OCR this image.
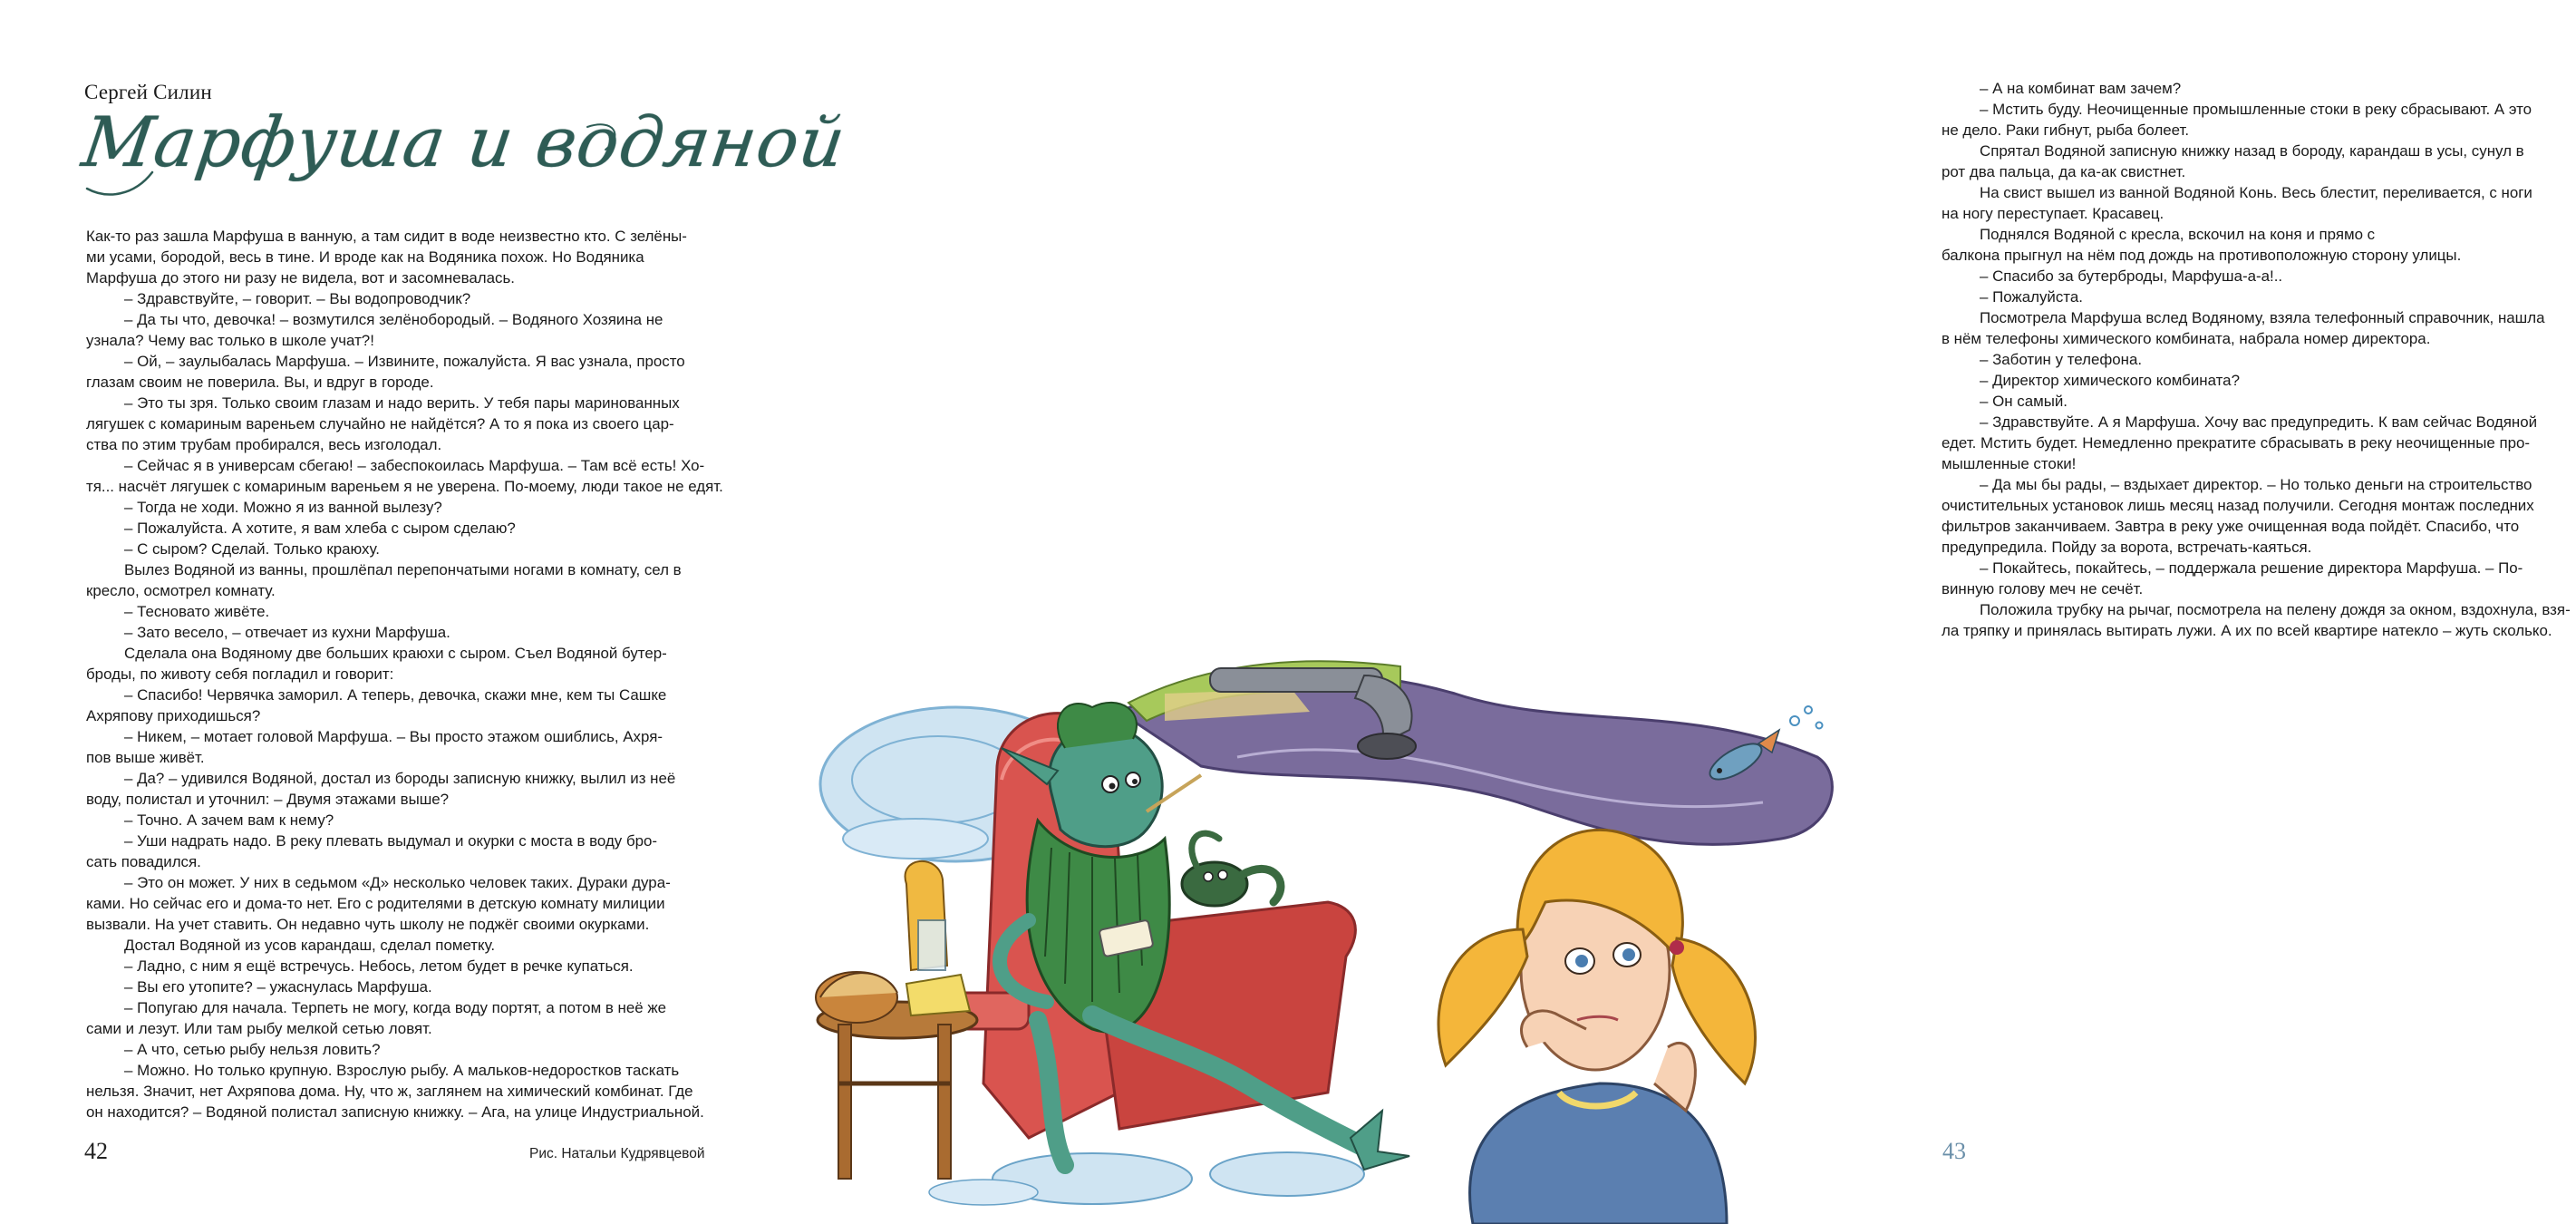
Сергей Силин
Марфуша и водяной
Как-то раз зашла Марфуша в ванную, а там сидит в воде неизвестно кто. С зелёны-
ми усами, бородой, весь в тине. И вроде как на Водяника похож. Но Водяника
Марфуша до этого ни разу не видела, вот и засомневалась.
– Здравствуйте, – говорит. – Вы водопроводчик?
– Да ты что, девочка! – возмутился зелёнобородый. – Водяного Хозяина не
узнала? Чему вас только в школе учат?!
– Ой, – заулыбалась Марфуша. – Извините, пожалуйста. Я вас узнала, просто
глазам своим не поверила. Вы, и вдруг в городе.
– Это ты зря. Только своим глазам и надо верить. У тебя пары маринованных
лягушек с комариным вареньем случайно не найдётся? А то я пока из своего цар-
ства по этим трубам пробирался, весь изголодал.
– Сейчас я в универсам сбегаю! – забеспокоилась Марфуша. – Там всё есть! Хо-
тя... насчёт лягушек с комариным вареньем я не уверена. По-моему, люди такое не едят.
– Тогда не ходи. Можно я из ванной вылезу?
– Пожалуйста. А хотите, я вам хлеба с сыром сделаю?
– С сыром? Сделай. Только краюху.
Вылез Водяной из ванны, прошлёпал перепончатыми ногами в комнату, сел в
кресло, осмотрел комнату.
– Тесновато живёте.
– Зато весело, – отвечает из кухни Марфуша.
Сделала она Водяному две больших краюхи с сыром. Съел Водяной бутер-
броды, по животу себя погладил и говорит:
– Спасибо! Червячка заморил. А теперь, девочка, скажи мне, кем ты Сашке
Ахряпову приходишься?
– Никем, – мотает головой Марфуша. – Вы просто этажом ошиблись, Ахря-
пов выше живёт.
– Да? – удивился Водяной, достал из бороды записную книжку, вылил из неё
воду, полистал и уточнил: – Двумя этажами выше?
– Точно. А зачем вам к нему?
– Уши надрать надо. В реку плевать выдумал и окурки с моста в воду бро-
сать повадился.
– Это он может. У них в седьмом «Д» несколько человек таких. Дураки дура-
ками. Но сейчас его и дома-то нет. Его с родителями в детскую комнату милиции
вызвали. На учет ставить. Он недавно чуть школу не поджёг своими окурками.
Достал Водяной из усов карандаш, сделал пометку.
– Ладно, с ним я ещё встречусь. Небось, летом будет в речке купаться.
– Вы его утопите? – ужаснулась Марфуша.
– Попугаю для начала. Терпеть не могу, когда воду портят, а потом в неё же
сами и лезут. Или там рыбу мелкой сетью ловят.
– А что, сетью рыбу нельзя ловить?
– Можно. Но только крупную. Взрослую рыбу. А мальков-недоростков таскать
нельзя. Значит, нет Ахряпова дома. Ну, что ж, заглянем на химический комбинат. Где
он находится? – Водяной полистал записную книжку. – Ага, на улице Индустриальной.
42	Рис. Натальи Кудрявцевой
– А на комбинат вам зачем?
– Мстить буду. Неочищенные промышленные стоки в реку сбрасывают. А это
не дело. Раки гибнут, рыба болеет.
Спрятал Водяной записную книжку назад в бороду, карандаш в усы, сунул в
рот два пальца, да ка-ак свистнет.
На свист вышел из ванной Водяной Конь. Весь блестит, переливается, с ноги
на ногу переступает. Красавец.
Поднялся Водяной с кресла, вскочил на коня и прямо с
балкона прыгнул на нём под дождь на противоположную сторону улицы.
– Спасибо за бутерброды, Марфуша-а-а!..
– Пожалуйста.
Посмотрела Марфуша вслед Водяному, взяла телефонный справочник, нашла
в нём телефоны химического комбината, набрала номер директора.
– Заботин у телефона.
– Директор химического комбината?
– Он самый.
– Здравствуйте. А я Марфуша. Хочу вас предупредить. К вам сейчас Водяной
едет. Мстить будет. Немедленно прекратите сбрасывать в реку неочищенные про-
мышленные стоки!
– Да мы бы рады, – вздыхает директор. – Но только деньги на строительство
очистительных установок лишь месяц назад получили. Сегодня монтаж последних
фильтров заканчиваем. Завтра в реку уже очищенная вода пойдёт. Спасибо, что
предупредила. Пойду за ворота, встречать-каяться.
– Покайтесь, покайтесь, – поддержала решение директора Марфуша. – По-
винную голову меч не сечёт.
Положила трубку на рычаг, посмотрела на пелену дождя за окном, вздохнула, взя-
ла тряпку и принялась вытирать лужи. А их по всей квартире натекло – жуть сколько.
43
